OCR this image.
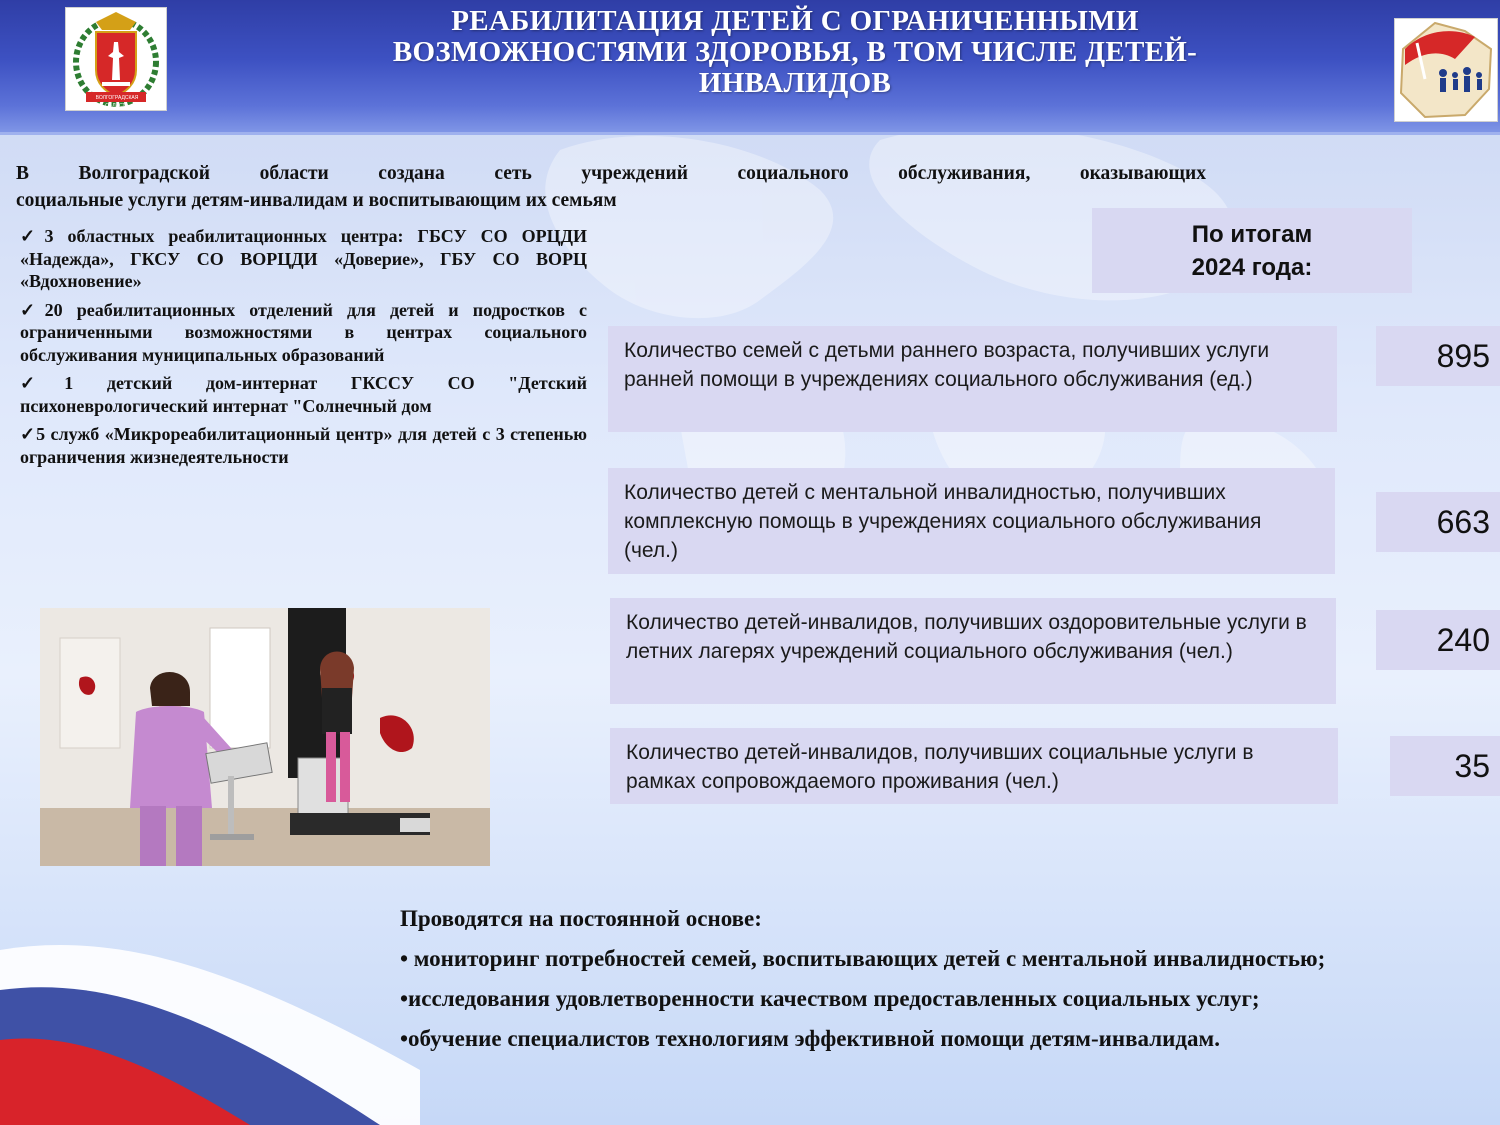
РЕАБИЛИТАЦИЯ ДЕТЕЙ С ОГРАНИЧЕННЫМИ ВОЗМОЖНОСТЯМИ ЗДОРОВЬЯ, В ТОМ ЧИСЛЕ ДЕТЕЙ-ИНВАЛИДОВ
ВОЛГОГРАДСКАЯ ОБЛАСТЬ
В Волгоградской области создана сеть учреждений социального обслуживания, оказывающих
социальные услуги детям-инвалидам и воспитывающим их семьям
✓3 областных реабилитационных центра: ГБСУ СО ОРЦДИ «Надежда», ГКСУ СО ВОРЦДИ «Доверие», ГБУ СО ВОРЦ «Вдохновение»
✓20 реабилитационных отделений для детей и подростков с ограниченными возможностями в центрах социального обслуживания муниципальных образований
✓1 детский дом-интернат ГКССУ СО "Детский психоневрологический интернат "Солнечный дом
✓5 служб «Микрореабилитационный центр» для детей с 3 степенью ограничения жизнедеятельности
По итогам
2024 года:
Количество семей с детьми раннего возраста, получивших услуги ранней помощи в учреждениях социального обслуживания (ед.)
895
Количество детей с ментальной инвалидностью, получивших комплексную помощь в учреждениях социального обслуживания (чел.)
663
Количество детей-инвалидов, получивших оздоровительные услуги в летних лагерях учреждений социального обслуживания (чел.)	240
Количество детей-инвалидов, получивших социальные услуги в рамках сопровождаемого проживания (чел.)	35
Проводятся на постоянной основе:
• мониторинг потребностей семей, воспитывающих детей с ментальной инвалидностью;
•исследования удовлетворенности качеством предоставленных социальных услуг;
•обучение специалистов технологиям эффективной помощи детям-инвалидам.
